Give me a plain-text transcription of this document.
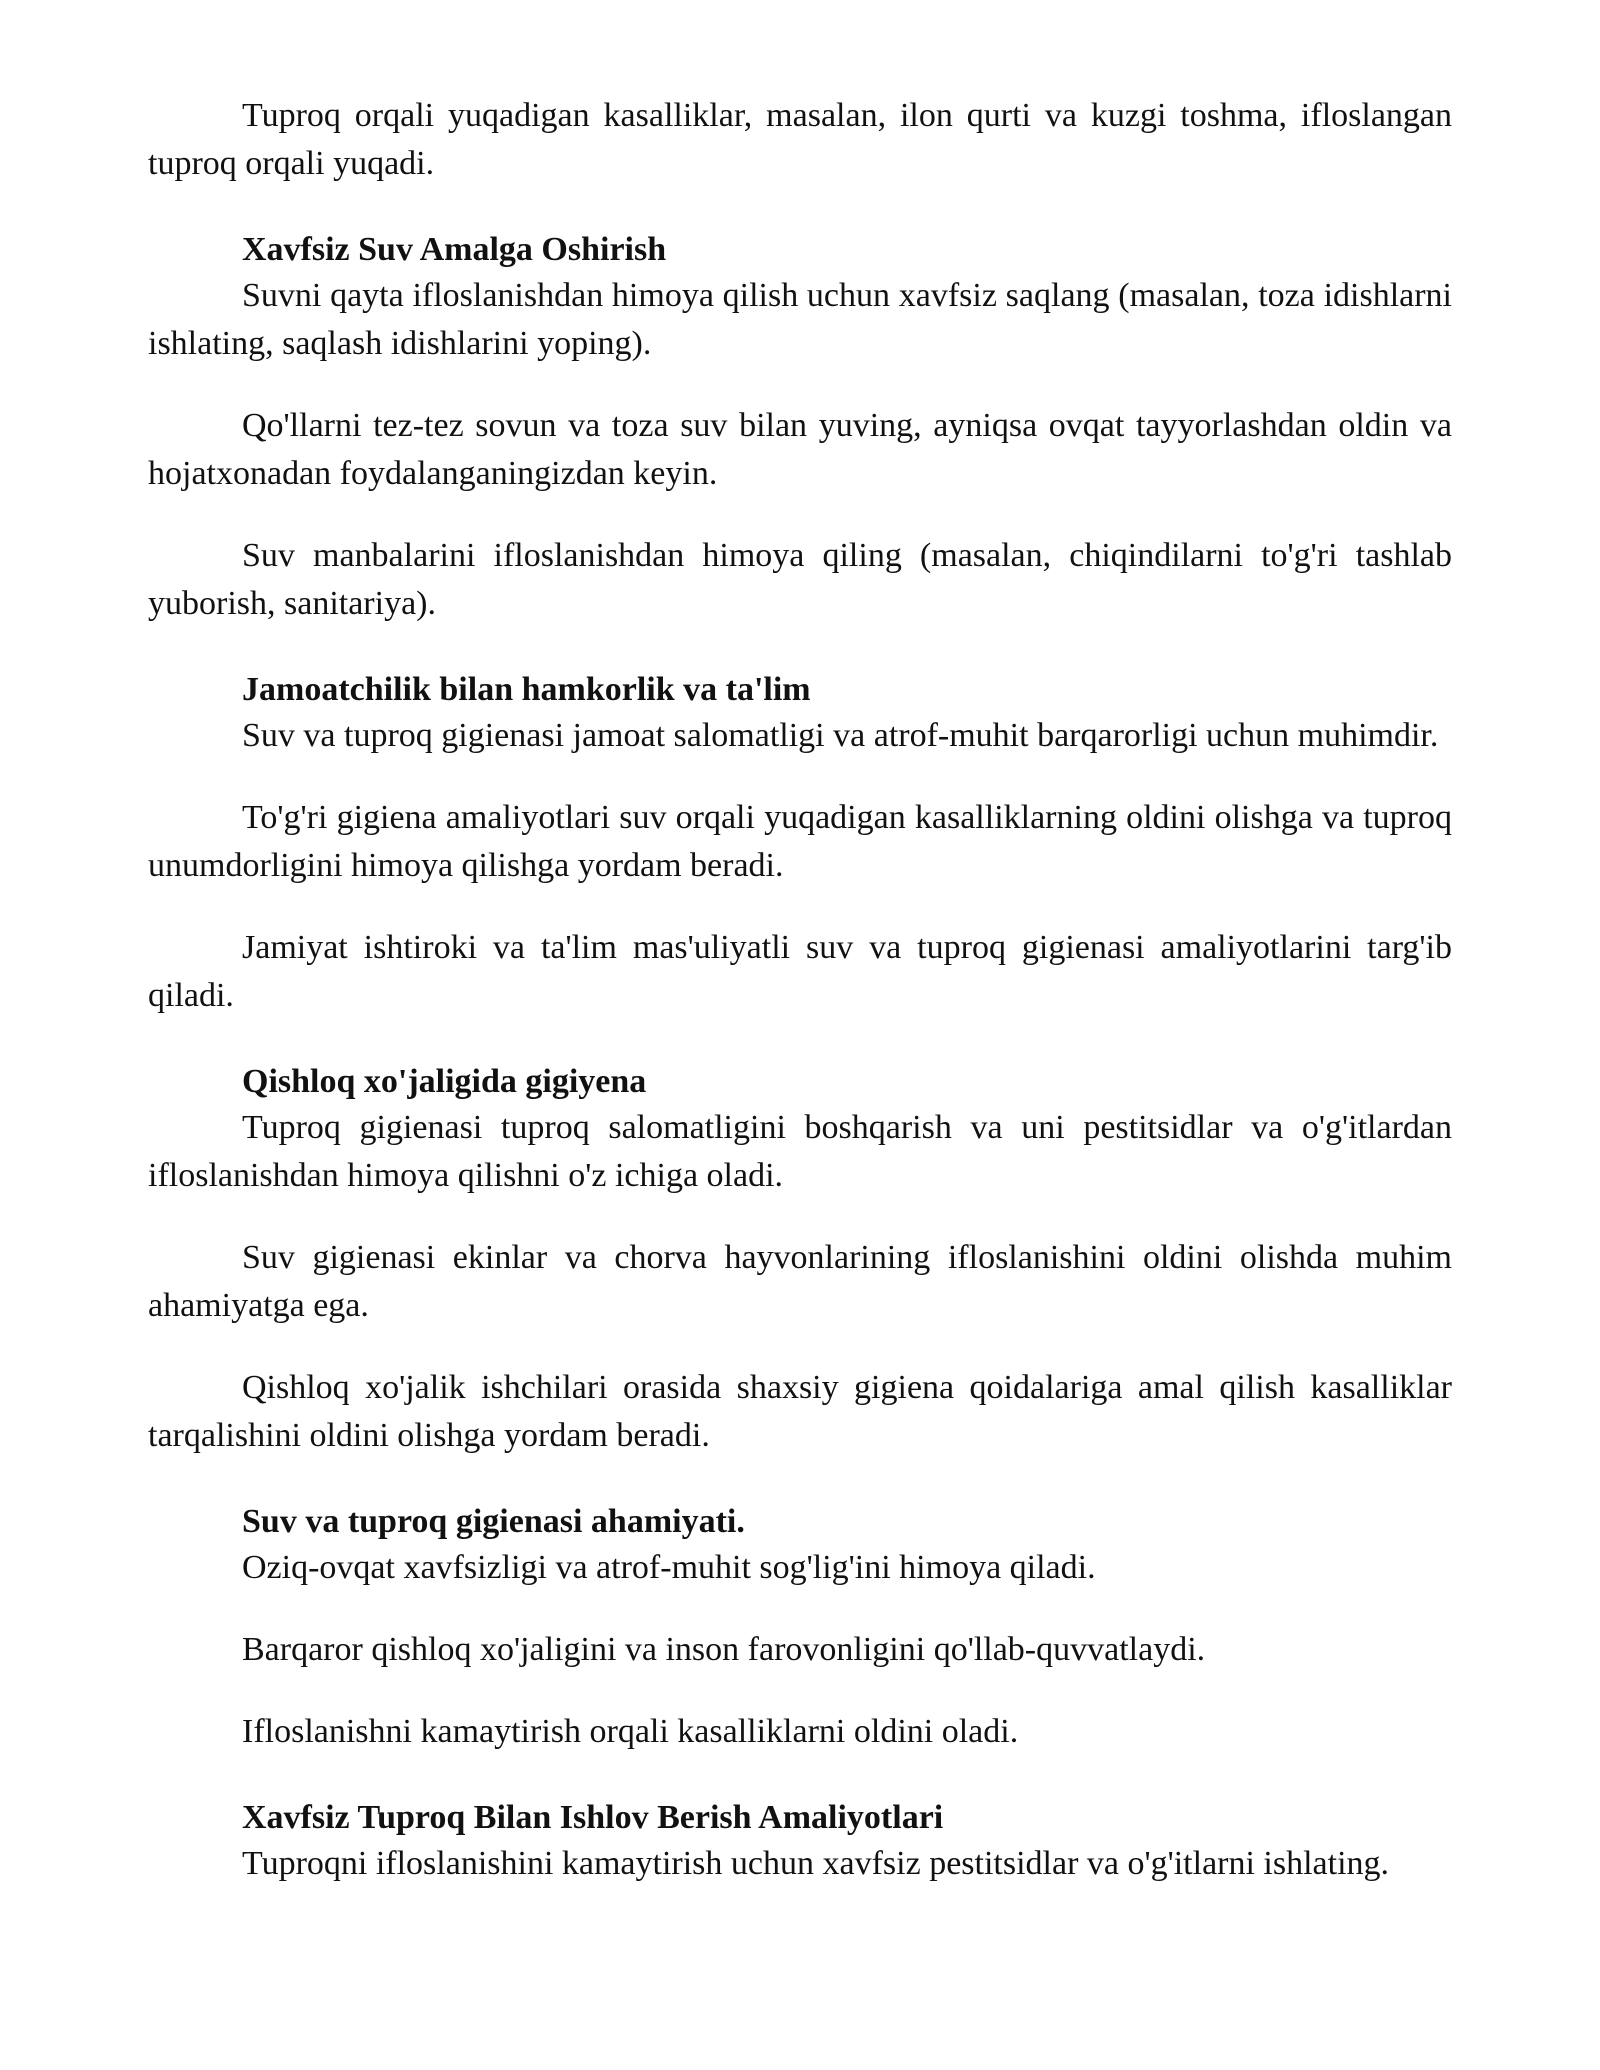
Tuproq orqali yuqadigan kasalliklar, masalan, ilon qurti va kuzgi toshma, ifloslangan tuproq orqali yuqadi.

Xavfsiz Suv Amalga Oshirish

Suvni qayta ifloslanishdan himoya qilish uchun xavfsiz saqlang (masalan, toza idishlarni ishlating, saqlash idishlarini yoping).

Qo'llarni tez-tez sovun va toza suv bilan yuving, ayniqsa ovqat tayyorlashdan oldin va hojatxonadan foydalanganingizdan keyin.

Suv manbalarini ifloslanishdan himoya qiling (masalan, chiqindilarni to'g'ri tashlab yuborish, sanitariya).

Jamoatchilik bilan hamkorlik va ta'lim

Suv va tuproq gigienasi jamoat salomatligi va atrof-muhit barqarorligi uchun muhimdir.

To'g'ri gigiena amaliyotlari suv orqali yuqadigan kasalliklarning oldini olishga va tuproq unumdorligini himoya qilishga yordam beradi.

Jamiyat ishtiroki va ta'lim mas'uliyatli suv va tuproq gigienasi amaliyotlarini targ'ib qiladi.

Qishloq xo'jaligida gigiyena

Tuproq gigienasi tuproq salomatligini boshqarish va uni pestitsidlar va o'g'itlardan ifloslanishdan himoya qilishni o'z ichiga oladi.

Suv gigienasi ekinlar va chorva hayvonlarining ifloslanishini oldini olishda muhim ahamiyatga ega.

Qishloq xo'jalik ishchilari orasida shaxsiy gigiena qoidalariga amal qilish kasalliklar tarqalishini oldini olishga yordam beradi.

Suv va tuproq gigienasi ahamiyati.

Oziq-ovqat xavfsizligi va atrof-muhit sog'lig'ini himoya qiladi.

Barqaror qishloq xo'jaligini va inson farovonligini qo'llab-quvvatlaydi.

Ifloslanishni kamaytirish orqali kasalliklarni oldini oladi.

Xavfsiz Tuproq Bilan Ishlov Berish Amaliyotlari

Tuproqni ifloslanishini kamaytirish uchun xavfsiz pestitsidlar va o'g'itlarni ishlating.
